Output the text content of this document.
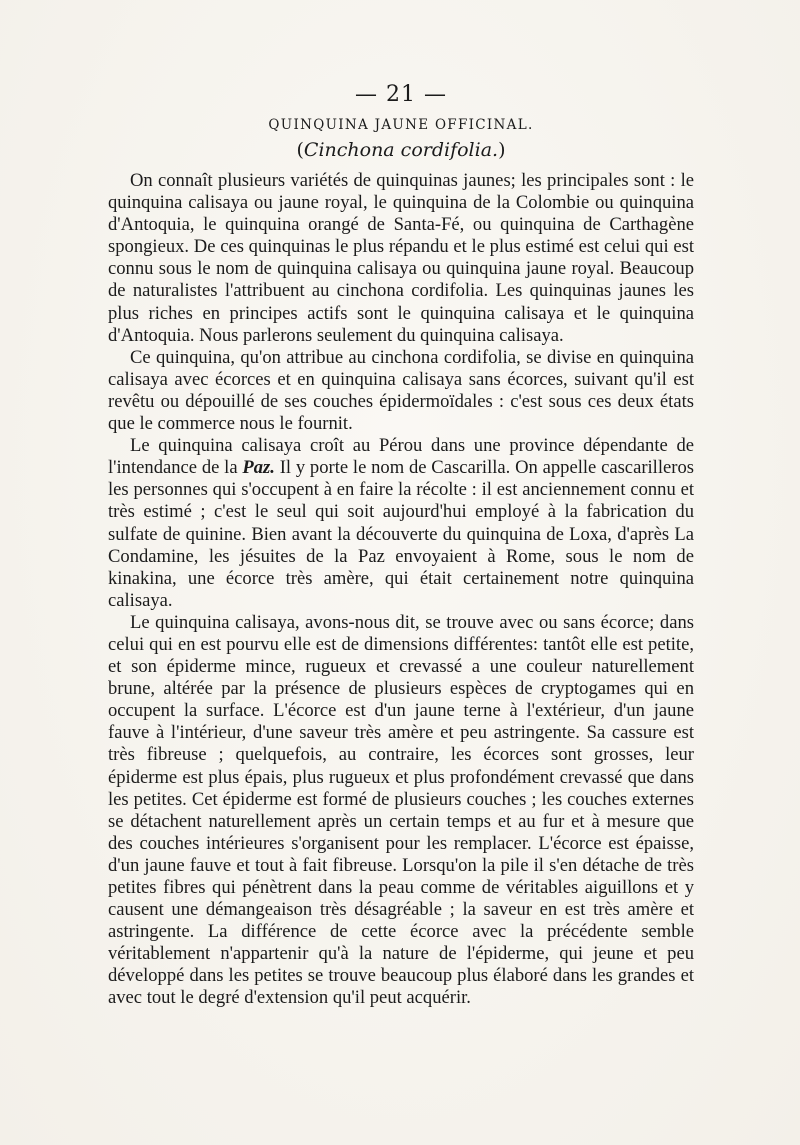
— 21 —
QUINQUINA JAUNE OFFICINAL.
(Cinchona cordifolia.)

On connaît plusieurs variétés de quinquinas jaunes; les principales sont : le quinquina calisaya ou jaune royal, le quinquina de la Colombie ou quinquina d'Antoquia, le quinquina orangé de Santa-Fé, ou quinquina de Carthagène spongieux. De ces quinquinas le plus répandu et le plus estimé est celui qui est connu sous le nom de quinquina calisaya ou quinquina jaune royal. Beaucoup de naturalistes l'attribuent au cinchona cordifolia. Les quinquinas jaunes les plus riches en principes actifs sont le quinquina calisaya et le quinquina d'Antoquia. Nous parlerons seulement du quinquina calisaya.

Ce quinquina, qu'on attribue au cinchona cordifolia, se divise en quinquina calisaya avec écorces et en quinquina calisaya sans écorces, suivant qu'il est revêtu ou dépouillé de ses couches épidermoïdales : c'est sous ces deux états que le commerce nous le fournit.

Le quinquina calisaya croît au Pérou dans une province dépendante de l'intendance de la Paz. Il y porte le nom de Cascarilla. On appelle cascarilleros les personnes qui s'occupent à en faire la récolte : il est anciennement connu et très estimé ; c'est le seul qui soit aujourd'hui employé à la fabrication du sulfate de quinine. Bien avant la découverte du quinquina de Loxa, d'après La Condamine, les jésuites de la Paz envoyaient à Rome, sous le nom de kinakina, une écorce très amère, qui était certainement notre quinquina calisaya.

Le quinquina calisaya, avons-nous dit, se trouve avec ou sans écorce; dans celui qui en est pourvu elle est de dimensions différentes: tantôt elle est petite, et son épiderme mince, rugueux et crevassé a une couleur naturellement brune, altérée par la présence de plusieurs espèces de cryptogames qui en occupent la surface. L'écorce est d'un jaune terne à l'extérieur, d'un jaune fauve à l'intérieur, d'une saveur très amère et peu astringente. Sa cassure est très fibreuse ; quelquefois, au contraire, les écorces sont grosses, leur épiderme est plus épais, plus rugueux et plus profondément crevassé que dans les petites. Cet épiderme est formé de plusieurs couches ; les couches externes se détachent naturellement après un certain temps et au fur et à mesure que des couches intérieures s'organisent pour les remplacer. L'écorce est épaisse, d'un jaune fauve et tout à fait fibreuse. Lorsqu'on la pile il s'en détache de très petites fibres qui pénètrent dans la peau comme de véritables aiguillons et y causent une démangeaison très désagréable ; la saveur en est très amère et astringente. La différence de cette écorce avec la précédente semble véritablement n'appartenir qu'à la nature de l'épiderme, qui jeune et peu développé dans les petites se trouve beaucoup plus élaboré dans les grandes et avec tout le degré d'extension qu'il peut acquérir.
